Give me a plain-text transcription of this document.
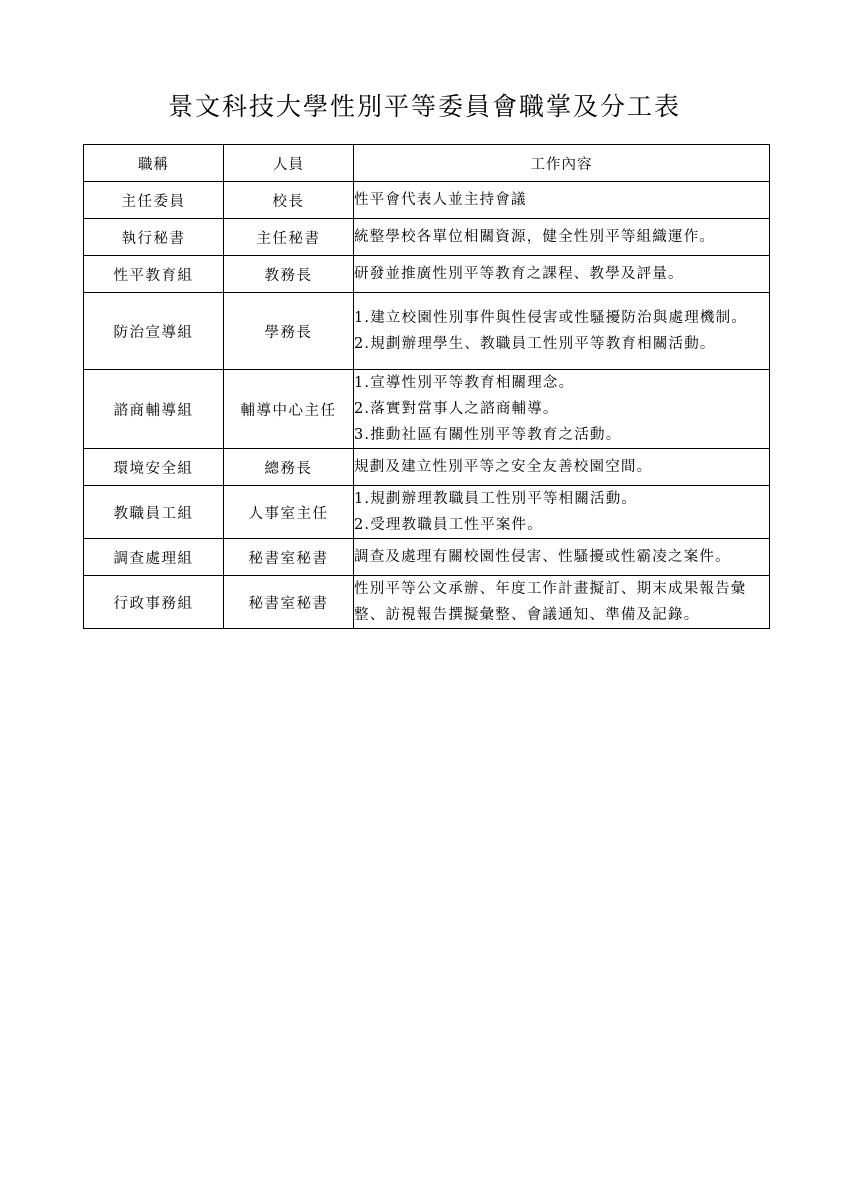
景文科技大學性別平等委員會職掌及分工表
職稱	人員	工作內容
主任委員	校長	性平會代表人並主持會議

執行秘書	主任秘書	統整學校各單位相關資源，健全性別平等組織運作。

性平教育組	教務長	研發並推廣性別平等教育之課程、教學及評量。

防治宣導組	學務長	1.建立校園性別事件與性侵害或性騷擾防治與處理機制。
2.規劃辦理學生、教職員工性別平等教育相關活動。

諮商輔導組	輔導中心主任	1.宣導性別平等教育相關理念。
2.落實對當事人之諮商輔導。
3.推動社區有關性別平等教育之活動。

環境安全組	總務長	規劃及建立性別平等之安全友善校園空間。

教職員工組	人事室主任	1.規劃辦理教職員工性別平等相關活動。
2.受理教職員工性平案件。

調查處理組	秘書室秘書	調查及處理有關校園性侵害、性騷擾或性霸凌之案件。

行政事務組	秘書室秘書	性別平等公文承辦、年度工作計畫擬訂、期末成果報告彙整、訪視報告撰擬彙整、會議通知、準備及記錄。
